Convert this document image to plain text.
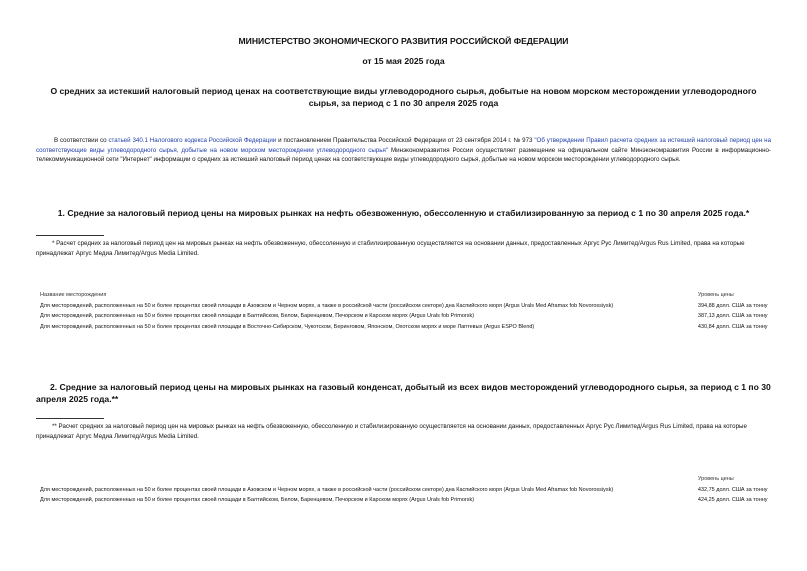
МИНИСТЕРСТВО ЭКОНОМИЧЕСКОГО РАЗВИТИЯ РОССИЙСКОЙ ФЕДЕРАЦИИ
от 15 мая 2025 года
О средних за истекший налоговый период ценах на соответствующие виды углеводородного сырья, добытые на новом морском месторождении углеводородного сырья, за период с 1 по 30 апреля 2025 года
В соответствии со статьей 340.1 Налогового кодекса Российской Федерации и постановлением Правительства Российской Федерации от 23 сентября 2014 г. № 973 "Об утверждении Правил расчета средних за истекший налоговый период цен на соответствующие виды углеводородного сырья, добытые на новом морском месторождении углеводородного сырья" Минэкономразвития России осуществляет размещение на официальном сайте Минэкономразвития России в информационно-телекоммуникационной сети "Интернет" информации о средних за истекший налоговый период ценах на соответствующие виды углеводородного сырья, добытые на новом морском месторождении углеводородного сырья.
1. Средние за налоговый период цены на мировых рынках на нефть обезвоженную, обессоленную и стабилизированную за период с 1 по 30 апреля 2025 года.*
* Расчет средних за налоговый период цен на мировых рынках на нефть обезвоженную, обессоленную и стабилизированную осуществляется на основании данных, предоставленных Аргус Рус Лимитед/Argus Rus Limited, права на которые принадлежат Аргус Медиа Лимитед/Argus Media Limited.
Название месторождения	Уровень цены
Для месторождений, расположенных на 50 и более процентах своей площади в Азовском и Черном морях, а также в российской части (российском секторе) дна Каспийского моря (Argus Urals Med Aframax fob Novorossiysk)	394,88 долл. США за тонну
Для месторождений, расположенных на 50 и более процентах своей площади в Балтийском, Белом, Баренцевом, Печорском и Карском морях (Argus Urals fob Primorsk)	387,13 долл. США за тонну
Для месторождений, расположенных на 50 и более процентах своей площади в Восточно-Сибирском, Чукотском, Беринговом, Японском, Охотском морях и море Лаптевых (Argus ESPO Blend)	430,84 долл. США за тонну
2. Средние за налоговый период цены на мировых рынках на газовый конденсат, добытый из всех видов месторождений углеводородного сырья, за период с 1 по 30 апреля 2025 года.**
** Расчет средних за налоговый период цен на мировых рынках на нефть обезвоженную, обессоленную и стабилизированную осуществляется на основании данных, предоставленных Аргус Рус Лимитед/Argus Rus Limited, права на которые принадлежат Аргус Медиа Лимитед/Argus Media Limited.
	Уровень цены
Для месторождений, расположенных на 50 и более процентах своей площади в Азовском и Черном морях, а также в российской части (российском секторе) дна Каспийского моря (Argus Urals Med Aframax fob Novorossiysk)	432,75 долл. США за тонну
Для месторождений, расположенных на 50 и более процентах своей площади в Балтийском, Белом, Баренцевом, Печорском и Карском морях (Argus Urals fob Primorsk)	424,25 долл. США за тонну
